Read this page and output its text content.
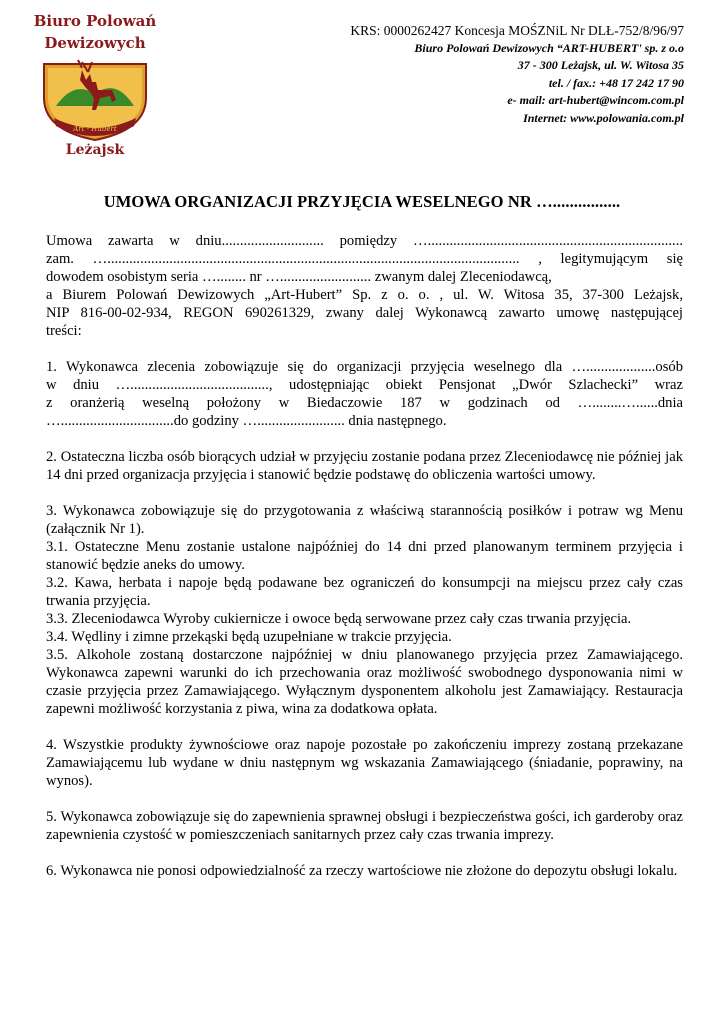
Biuro Polowań
Dewizowych
Art - Hubert
Leżajsk
KRS: 0000262427 Koncesja MOŚZNiL Nr DLŁ-752/8/96/97
Biuro Polowań Dewizowych “ART-HUBERT' sp. z o.o
37 - 300 Leżajsk, ul. W. Witosa 35
tel. / fax.: +48 17 242 17 90
e- mail: art-hubert@wincom.com.pl
Internet: www.polowania.com.pl
UMOWA ORGANIZACJI PRZYJĘCIA WESELNEGO NR …................
Umowa zawarta w dniu............................ pomiędzy …......................................................................
zam. …................................................................................................................. , legitymującym się
dowodem osobistym seria …........ nr …......................... zwanym dalej Zleceniodawcą,
a Biurem Polowań Dewizowych „Art-Hubert” Sp. z o. o. , ul. W. Witosa 35, 37-300 Leżajsk,
NIP 816-00-02-934, REGON 690261329, zwany dalej Wykonawcą zawarto umowę następującej
treści:
1. Wykonawca zlecenia zobowiązuje się do organizacji przyjęcia weselnego dla …...................osób
w dniu …......................................, udostępniając obiekt Pensjonat „Dwór Szlachecki” wraz
z oranżerią weselną położony w Biedaczowie 187 w godzinach od …........…......dnia
…...............................do godziny …........................ dnia następnego.

2. Ostateczna liczba osób biorących udział w przyjęciu zostanie podana przez Zleceniodawcę nie później jak 14 dni przed organizacja przyjęcia i stanowić będzie podstawę do obliczenia wartości umowy.

3. Wykonawca zobowiązuje się do przygotowania z właściwą starannością posiłków i potraw wg Menu (załącznik Nr 1).

3.1. Ostateczne Menu zostanie ustalone najpóźniej do 14 dni przed planowanym terminem przyjęcia i stanowić będzie aneks do umowy.

3.2. Kawa, herbata i napoje będą podawane bez ograniczeń do konsumpcji na miejscu przez cały czas trwania przyjęcia.

3.3. Zleceniodawca Wyroby cukiernicze i owoce będą serwowane przez cały czas trwania przyjęcia.

3.4. Wędliny i zimne przekąski będą uzupełniane w trakcie przyjęcia.

3.5. Alkohole zostaną dostarczone najpóźniej w dniu planowanego przyjęcia przez Zamawiającego. Wykonawca zapewni warunki do ich przechowania oraz możliwość swobodnego dysponowania nimi w czasie przyjęcia przez Zamawiającego. Wyłącznym dysponentem alkoholu jest Zamawiający. Restauracja zapewni możliwość korzystania z piwa, wina za dodatkowa opłata.

4. Wszystkie produkty żywnościowe oraz napoje pozostałe po zakończeniu imprezy zostaną przekazane Zamawiającemu lub wydane w dniu następnym wg wskazania Zamawiającego (śniadanie, poprawiny, na wynos).

5. Wykonawca zobowiązuje się do zapewnienia sprawnej obsługi i bezpieczeństwa gości, ich garderoby oraz zapewnienia czystość w pomieszczeniach sanitarnych przez cały czas trwania imprezy.

6. Wykonawca nie ponosi odpowiedzialność za rzeczy wartościowe nie złożone do depozytu obsługi lokalu.
